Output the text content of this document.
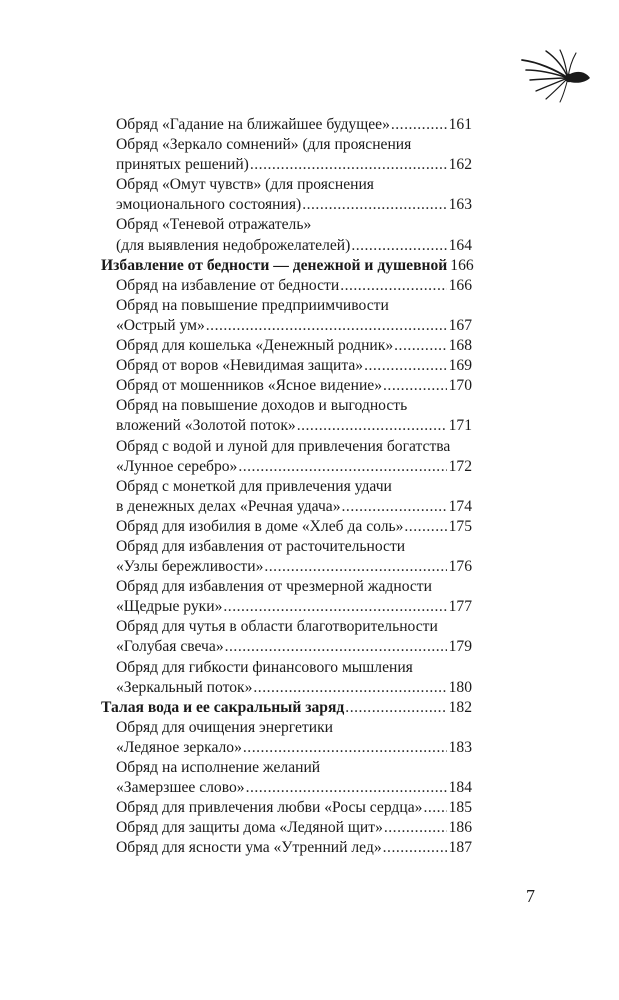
Обряд «Гадание на ближайшее будущее» .....	161
Обряд «Зеркало сомнений» (для прояснения
принятых решений) .....	162
Обряд «Омут чувств» (для прояснения
эмоционального состояния) .....	163
Обряд «Теневой отражатель»
(для выявления недоброжелателей) .....	164
Избавление от бедности — денежной и душевной 166
Обряд на избавление от бедности .....	166
Обряд на повышение предприимчивости
«Острый ум» .....	167
Обряд для кошелька «Денежный родник» .....	168
Обряд от воров «Невидимая защита» .....	169
Обряд от мошенников «Ясное видение» .....	170
Обряд на повышение доходов и выгодность
вложений «Золотой поток» .....	171
Обряд с водой и луной для привлечения богатства
«Лунное серебро» .....	172
Обряд с монеткой для привлечения удачи
в денежных делах «Речная удача» .....	174
Обряд для изобилия в доме «Хлеб да соль» .....	175
Обряд для избавления от расточительности
«Узлы бережливости» .....	176
Обряд для избавления от чрезмерной жадности
«Щедрые руки» .....	177
Обряд для чутья в области благотворительности
«Голубая свеча» .....	179
Обряд для гибкости финансового мышления
«Зеркальный поток» .....	180
Талая вода и ее сакральный заряд .....	182
Обряд для очищения энергетики
«Ледяное зеркало» .....	183
Обряд на исполнение желаний
«Замерзшее слово» .....	184
Обряд для привлечения любви «Росы сердца» ..... 185
Обряд для защиты дома «Ледяной щит» .....	186
Обряд для ясности ума «Утренний лед» .....	187
7
